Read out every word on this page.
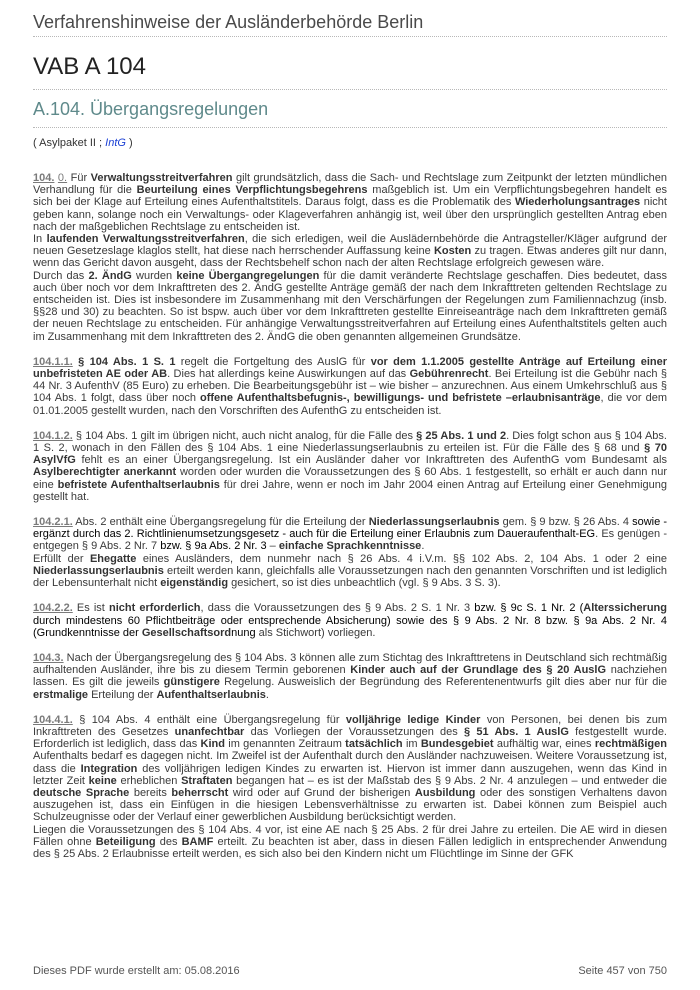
Verfahrenshinweise der Ausländerbehörde Berlin
VAB A 104
A.104. Übergangsregelungen
( Asylpaket II ; IntG )

104. 0. Für Verwaltungsstreitverfahren gilt grundsätzlich, dass die Sach- und Rechtslage zum Zeitpunkt der letzten mündlichen Verhandlung für die Beurteilung eines Verpflichtungsbegehrens maßgeblich ist. Um ein Verpflichtungsbegehren handelt es sich bei der Klage auf Erteilung eines Aufenthaltstitels. Daraus folgt, dass es die Problematik des Wiederholungsantrages nicht geben kann, solange noch ein Verwaltungs- oder Klageverfahren anhängig ist, weil über den ursprünglich gestellten Antrag eben nach der maßgeblichen Rechtslage zu entscheiden ist.

In laufenden Verwaltungsstreitverfahren, die sich erledigen, weil die Auslädernbehörde die Antragsteller/Kläger aufgrund der neuen Gesetzeslage klaglos stellt, hat diese nach herrschender Auffassung keine Kosten zu tragen. Etwas anderes gilt nur dann, wenn das Gericht davon ausgeht, dass der Rechtsbehelf schon nach der alten Rechtslage erfolgreich gewesen wäre.

Durch das 2. ÄndG wurden keine Übergangregelungen für die damit veränderte Rechtslage geschaffen. Dies bedeutet, dass auch über noch vor dem Inkrafttreten des 2. ÄndG gestellte Anträge gemäß der nach dem Inkrafttreten geltenden Rechtslage zu entscheiden ist. Dies ist insbesondere im Zusammenhang mit den Verschärfungen der Regelungen zum Familiennachzug (insb. §§28 und 30) zu beachten. So ist bspw. auch über vor dem Inkrafttreten gestellte Einreiseanträge nach dem Inkrafttreten gemäß der neuen Rechtslage zu entscheiden. Für anhängige Verwaltungsstreitverfahren auf Erteilung eines Aufenthaltstitels gelten auch im Zusammenhang mit dem Inkrafttreten des 2. ÄndG die oben genannten allgemeinen Grundsätze.

104.1.1. § 104 Abs. 1 S. 1 regelt die Fortgeltung des AuslG für vor dem 1.1.2005 gestellte Anträge auf Erteilung einer unbefristeten AE oder AB. Dies hat allerdings keine Auswirkungen auf das Gebührenrecht. Bei Erteilung ist die Gebühr nach § 44 Nr. 3 AufenthV (85 Euro) zu erheben. Die Bearbeitungsgebühr ist – wie bisher – anzurechnen. Aus einem Umkehrschluß aus § 104 Abs. 1 folgt, dass über noch offene Aufenthaltsbefugnis-, bewilligungs- und befristete –erlaubnisanträge, die vor dem 01.01.2005 gestellt wurden, nach den Vorschriften des AufenthG zu entscheiden ist.

104.1.2. § 104 Abs. 1 gilt im übrigen nicht, auch nicht analog, für die Fälle des § 25 Abs. 1 und 2. Dies folgt schon aus § 104 Abs. 1 S. 2, wonach in den Fällen des § 104 Abs. 1 eine Niederlassungserlaubnis zu erteilen ist. Für die Fälle des § 68 und § 70 AsylVfG fehlt es an einer Übergangsregelung. Ist ein Ausländer daher vor Inkrafttreten des AufenthG vom Bundesamt als Asylberechtigter anerkannt worden oder wurden die Voraussetzungen des § 60 Abs. 1 festgestellt, so erhält er auch dann nur eine befristete Aufenthaltserlaubnis für drei Jahre, wenn er noch im Jahr 2004 einen Antrag auf Erteilung einer Genehmigung gestellt hat.

104.2.1. Abs. 2 enthält eine Übergangsregelung für die Erteilung der Niederlassungserlaubnis gem. § 9 bzw. § 26 Abs. 4 sowie - ergänzt durch das 2. Richtlinienumsetzungsgesetz - auch für die Erteilung einer Erlaubnis zum Daueraufenthalt-EG. Es genügen - entgegen § 9 Abs. 2 Nr. 7 bzw. § 9a Abs. 2 Nr. 3 – einfache Sprachkenntnisse.

Erfüllt der Ehegatte eines Ausländers, dem nunmehr nach § 26 Abs. 4 i.V.m. §§ 102 Abs. 2, 104 Abs. 1 oder 2 eine Niederlassungserlaubnis erteilt werden kann, gleichfalls alle Voraussetzungen nach den genannten Vorschriften und ist lediglich der Lebensunterhalt nicht eigenständig gesichert, so ist dies unbeachtlich (vgl. § 9 Abs. 3 S. 3).

104.2.2. Es ist nicht erforderlich, dass die Voraussetzungen des § 9 Abs. 2 S. 1 Nr. 3 bzw. § 9c S. 1 Nr. 2 (Alterssicherung durch mindestens 60 Pflichtbeiträge oder entsprechende Absicherung) sowie des § 9 Abs. 2 Nr. 8 bzw. § 9a Abs. 2 Nr. 4 (Grundkenntnisse der Gesellschaftsordnung als Stichwort) vorliegen.

104.3. Nach der Übergangsregelung des § 104 Abs. 3 können alle zum Stichtag des Inkrafttretens in Deutschland sich rechtmäßig aufhaltenden Ausländer, ihre bis zu diesem Termin geborenen Kinder auch auf der Grundlage des § 20 AuslG nachziehen lassen. Es gilt die jeweils günstigere Regelung. Ausweislich der Begründung des Referentenentwurfs gilt dies aber nur für die erstmalige Erteilung der Aufenthaltserlaubnis.

104.4.1. § 104 Abs. 4 enthält eine Übergangsregelung für volljährige ledige Kinder von Personen, bei denen bis zum Inkrafttreten des Gesetzes unanfechtbar das Vorliegen der Voraussetzungen des § 51 Abs. 1 AuslG festgestellt wurde. Erforderlich ist lediglich, dass das Kind im genannten Zeitraum tatsächlich im Bundesgebiet aufhältig war, eines rechtmäßigen Aufenthalts bedarf es dagegen nicht. Im Zweifel ist der Aufenthalt durch den Ausländer nachzuweisen. Weitere Voraussetzung ist, dass die Integration des volljährigen ledigen Kindes zu erwarten ist. Hiervon ist immer dann auszugehen, wenn das Kind in letzter Zeit keine erheblichen Straftaten begangen hat – es ist der Maßstab des § 9 Abs. 2 Nr. 4 anzulegen – und entweder die deutsche Sprache bereits beherrscht wird oder auf Grund der bisherigen Ausbildung oder des sonstigen Verhaltens davon auszugehen ist, dass ein Einfügen in die hiesigen Lebensverhältnisse zu erwarten ist. Dabei können zum Beispiel auch Schulzeugnisse oder der Verlauf einer gewerblichen Ausbildung berücksichtigt werden.

Liegen die Voraussetzungen des § 104 Abs. 4 vor, ist eine AE nach § 25 Abs. 2 für drei Jahre zu erteilen. Die AE wird in diesen Fällen ohne Beteiligung des BAMF erteilt. Zu beachten ist aber, dass in diesen Fällen lediglich in entsprechender Anwendung des § 25 Abs. 2 Erlaubnisse erteilt werden, es sich also bei den Kindern nicht um Flüchtlinge im Sinne der GFK

Dieses PDF wurde erstellt am: 05.08.2016	Seite 457 von 750
